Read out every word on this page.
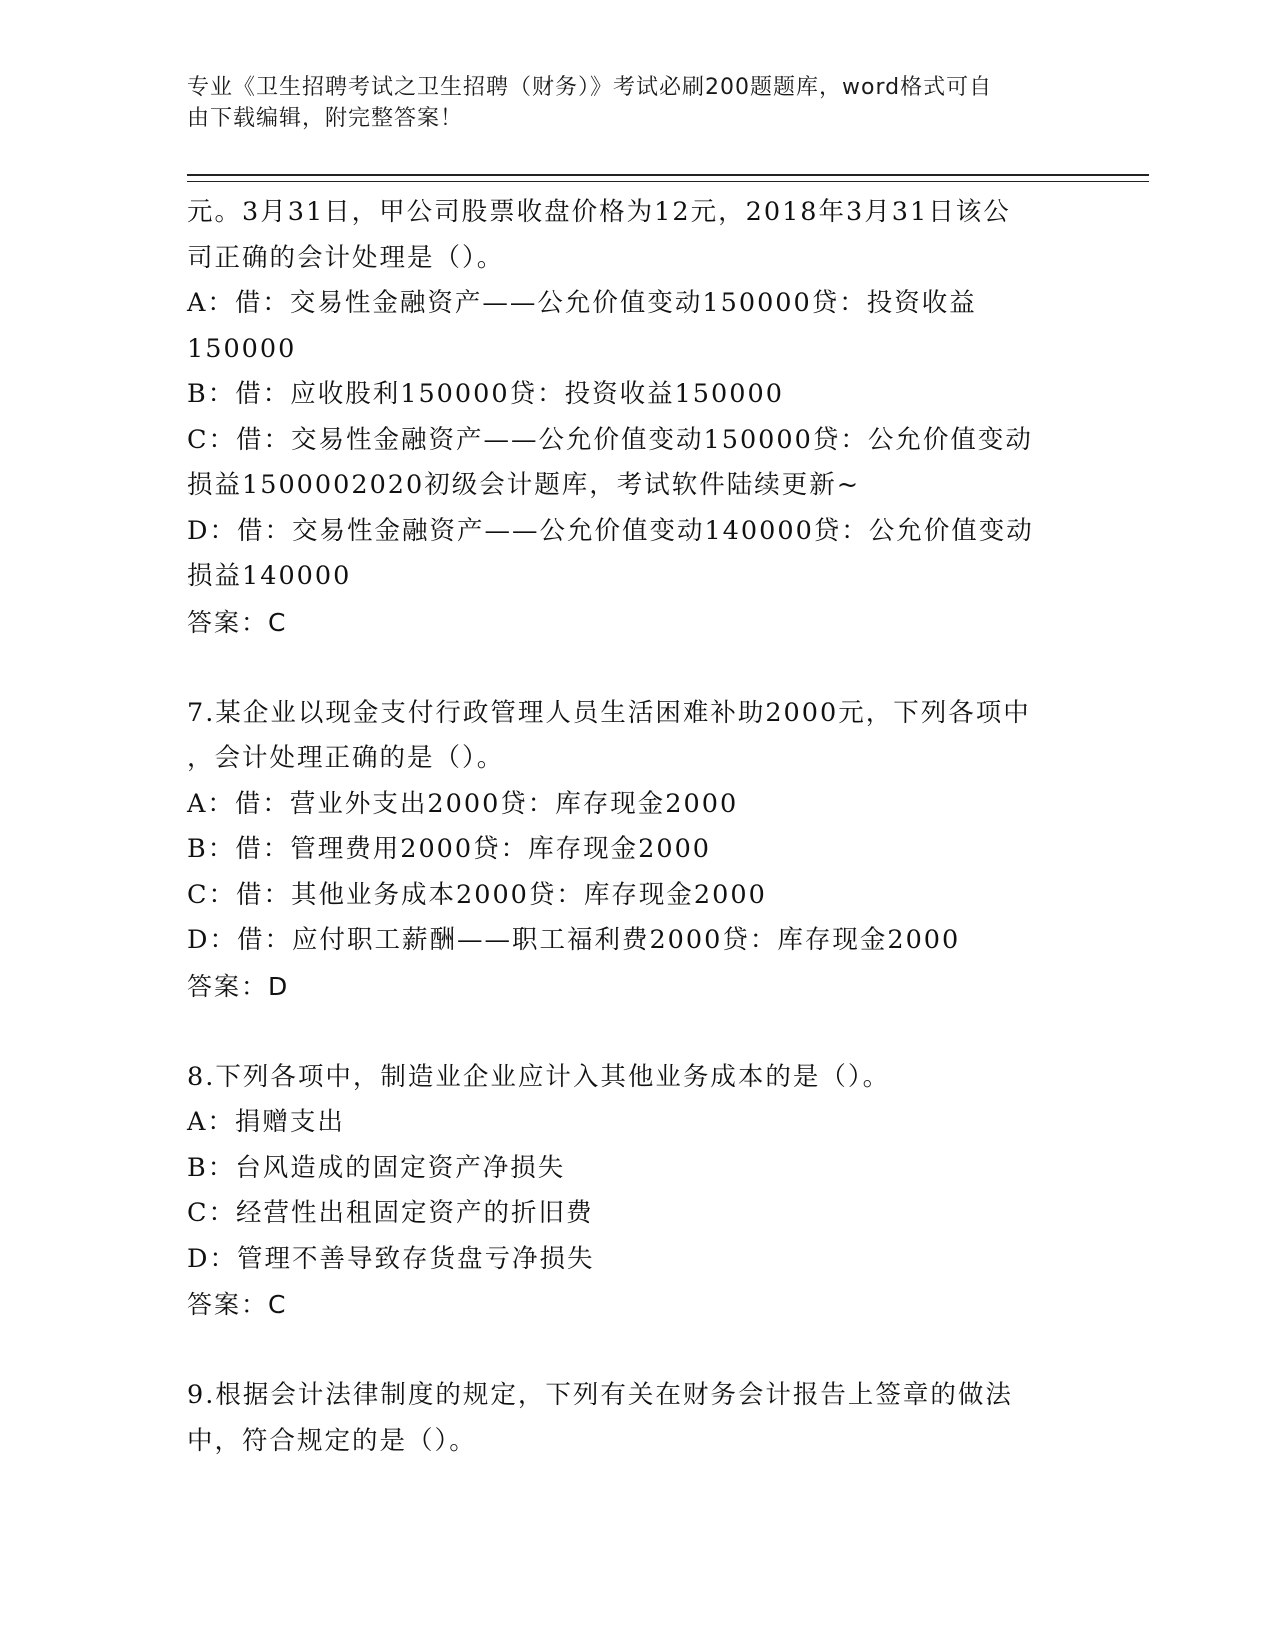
专业《卫生招聘考试之卫生招聘（财务）》考试必刷200题题库，word格式可自
由下载编辑，附完整答案！
元。3月31日，甲公司股票收盘价格为12元，2018年3月31日该公
司正确的会计处理是（）。
A：借：交易性金融资产——公允价值变动150000贷：投资收益
150000
B：借：应收股利150000贷：投资收益150000
C：借：交易性金融资产——公允价值变动150000贷：公允价值变动
损益1500002020初级会计题库，考试软件陆续更新~
D：借：交易性金融资产——公允价值变动140000贷：公允价值变动
损益140000
答案：C
7.某企业以现金支付行政管理人员生活困难补助2000元，下列各项中
，会计处理正确的是（）。
A：借：营业外支出2000贷：库存现金2000
B：借：管理费用2000贷：库存现金2000
C：借：其他业务成本2000贷：库存现金2000
D：借：应付职工薪酬——职工福利费2000贷：库存现金2000
答案：D
8.下列各项中，制造业企业应计入其他业务成本的是（）。
A：捐赠支出
B：台风造成的固定资产净损失
C：经营性出租固定资产的折旧费
D：管理不善导致存货盘亏净损失
答案：C
9.根据会计法律制度的规定，下列有关在财务会计报告上签章的做法
中，符合规定的是（）。
